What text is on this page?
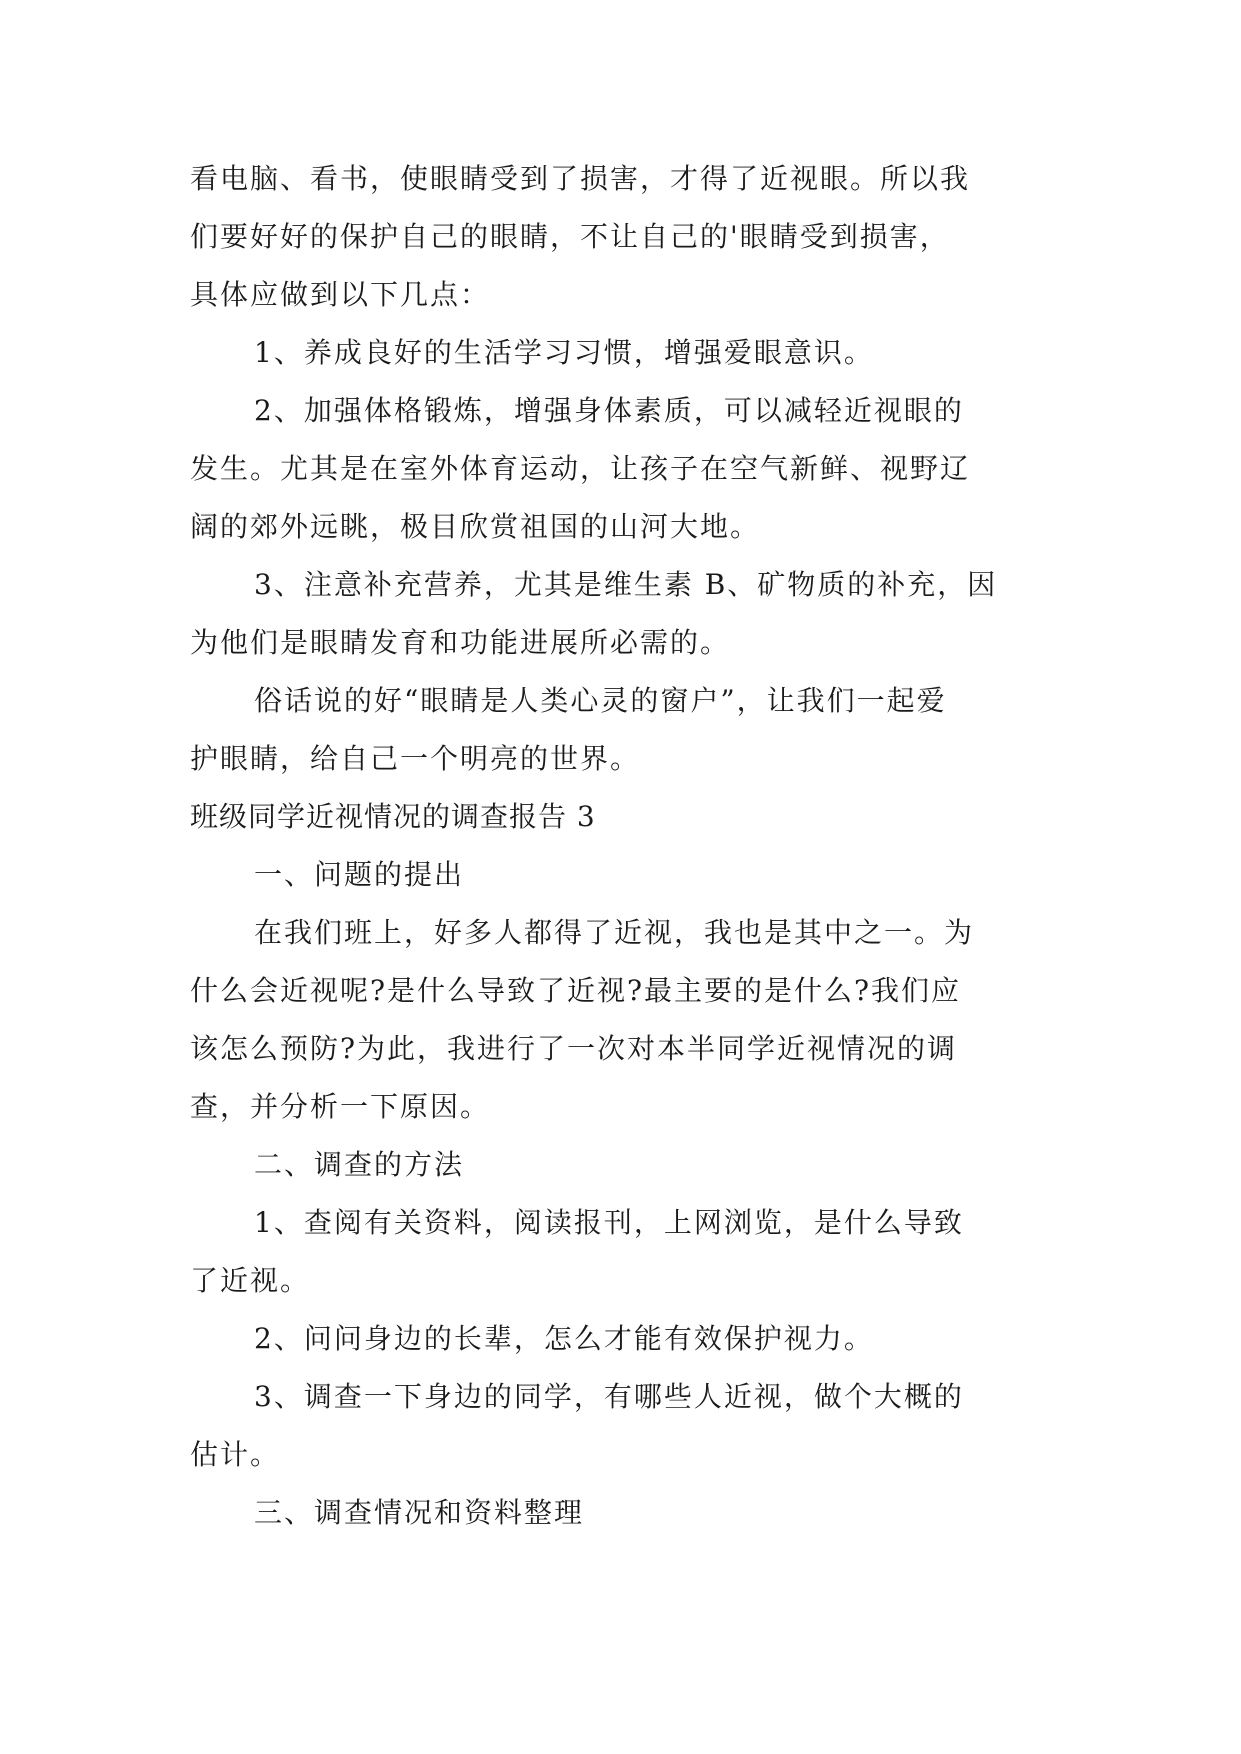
看电脑、看书，使眼睛受到了损害，才得了近视眼。所以我
们要好好的保护自己的眼睛，不让自己的'眼睛受到损害，
具体应做到以下几点：
1、养成良好的生活学习习惯，增强爱眼意识。
2、加强体格锻炼，增强身体素质，可以减轻近视眼的
发生。尤其是在室外体育运动，让孩子在空气新鲜、视野辽
阔的郊外远眺，极目欣赏祖国的山河大地。
3、注意补充营养，尤其是维生素 B、矿物质的补充，因
为他们是眼睛发育和功能进展所必需的。
俗话说的好“眼睛是人类心灵的窗户”，让我们一起爱
护眼睛，给自己一个明亮的世界。
班级同学近视情况的调查报告 3
一、问题的提出
在我们班上，好多人都得了近视，我也是其中之一。为
什么会近视呢?是什么导致了近视?最主要的是什么?我们应
该怎么预防?为此，我进行了一次对本半同学近视情况的调
查，并分析一下原因。
二、调查的方法
1、查阅有关资料，阅读报刊，上网浏览，是什么导致
了近视。
2、问问身边的长辈，怎么才能有效保护视力。
3、调查一下身边的同学，有哪些人近视，做个大概的
估计。
三、调查情况和资料整理
